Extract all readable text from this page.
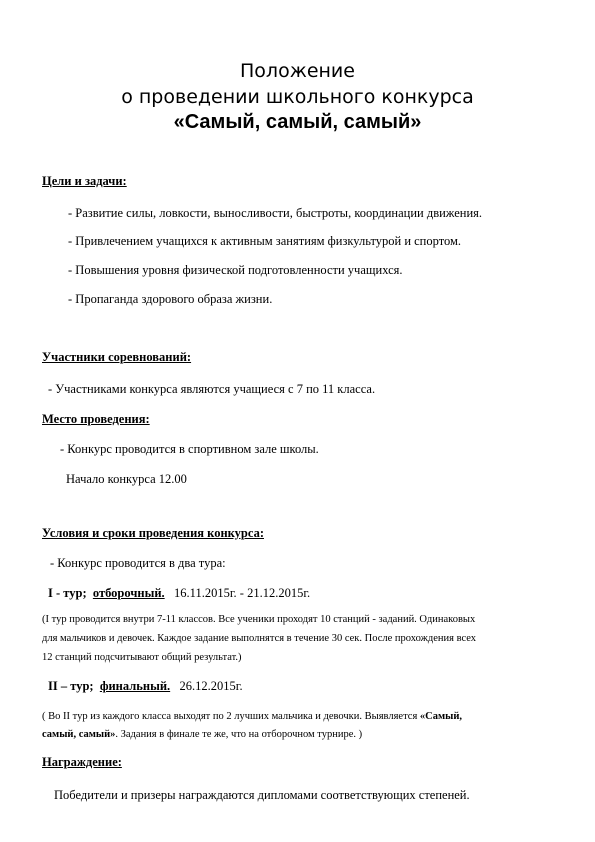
Положение
о проведении школьного конкурса
«Самый, самый, самый»
Цели и задачи:
- Развитие силы, ловкости, выносливости, быстроты, координации движения.
- Привлечением учащихся к активным занятиям физкультурой и спортом.
- Повышения уровня физической подготовленности учащихся.
- Пропаганда здорового образа жизни.
Участники соревнований:
- Участниками конкурса являются учащиеся с 7 по 11 класса.
Место проведения:
- Конкурс проводится в спортивном зале школы.
Начало конкурса 12.00
Условия и сроки проведения конкурса:
- Конкурс проводится в два тура:
I - тур; отборочный. 16.11.2015г. - 21.12.2015г.
(I тур проводится внутри 7-11 классов. Все ученики проходят 10 станций - заданий. Одинаковых
для мальчиков и девочек. Каждое задание выполнятся в течение 30 сек. После прохождения всех
12 станций подсчитывают общий результат.)
II – тур; финальный. 26.12.2015г.
( Во II тур из каждого класса выходят по 2 лучших мальчика и девочки. Выявляется «Самый,
самый, самый». Задания в финале те же, что на отборочном турнире. )
Награждение:
Победители и призеры награждаются дипломами соответствующих степеней.
